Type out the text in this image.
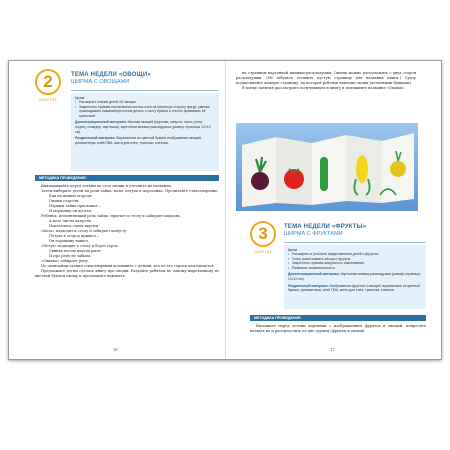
2
ЗАНЯТИЕ
ТЕМА НЕДЕЛИ «ОВОЩИ»
ШИРМА С ОВОЩАМИ
Цели
• Расширять знания детей об овощах.
• Закреплять приемы наклеивания кистью клея на обратную сторону фигур; умение прикладывать намазанную клеем деталь к листу бумаги и плотно прижимать ее тряпочкой.

Демонстрационный материал. Муляжи овощей (морковь, капуста, горох, репа, огурец, помидор, картошка), картонная книжка-раскладушка (размер страницы 12×10 см).

Раздаточный материал. Вырезанные из цветной бумаги изображения овощей, фломастеры, клей ПВА, кисти для клея, тряпочки, клеенки.

МЕТОДИКА ПРОВЕДЕНИЯ

Выкладывайте перед детьми на стол овощи и уточните их название.

Затем выберите детей на роли зайца, козы, петуха и поросенка. Прочитайте стихотворение:

Как на нашем огороде

Овощи созрели.

Первым зайка прискакал –

И морковку он достал.

Ребенок, исполняющий роль зайца, прыгает к столу и забирает морковь.

А козе листы капусты

Показались очень вкусны.

«Коза» подходит к столу и забирает капусту.

Петуха в огород пришел –

Он горошину нашел.

«Петух» подходит к столу и берет горох.

Свинка носом пахала рыла

И про репу не забыла.

«Свинка» забирает репу.

По окончании чтения стихотворения вспомните с детьми, кто из его героев чем питается.

Предложите детям сделать книгу про овощи. Раздайте ребятам по одному вырезанному из цветной бумаги овощу и предложите наклеить

16

на страницы картонной книжки-раскладушки. Овощи можно расположить с двух сторон раскладушки. (Не забудьте оставить пустую страницу для названия книги.) Сразу подписывайте каждую страницу, на которой ребенок наклеил овощи (печатными буквами).

В конце занятия рассмотрите получившуюся книгу и подпишите название «Овощи».

3
ЗАНЯТИЕ
ТЕМА НЕДЕЛИ «ФРУКТЫ»
ШИРМА С ФРУКТАМИ
Цели
• Расширять и уточнять представления детей о фруктах.
• Учить распознавать овощи и фрукты.
• Закреплять приемы аккуратного наклеивания.
• Развивать внимательность.

Демонстрационный материал. Картонная книжка-раскладушка (размер страницы 12×10 см).

Раздаточный материал. Изображения фруктов и овощей, вырезанные из цветной бумаги, фломастеры, клей ПВА, кисти для клея, тряпочка, клеенки.

МЕТОДИКА ПРОВЕДЕНИЯ

Выложите перед детьми картинки с изображением фруктов и овощей, попросите назвать их и распределить по две группы (фрукты и овощи).

17
